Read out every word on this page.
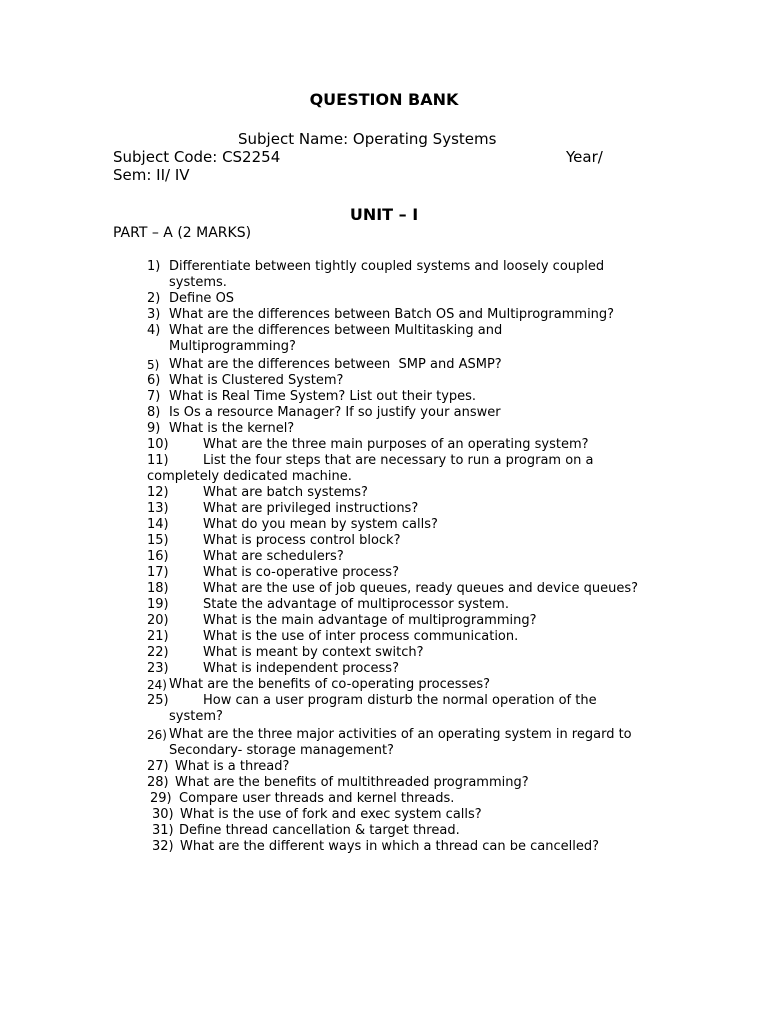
QUESTION BANK
Subject Name: Operating Systems
Subject Code: CS2254	Year/
Sem: II/ IV
UNIT – I
PART – A (2 MARKS)
1) Differentiate between tightly coupled systems and loosely coupled systems.
2) Define OS
3) What are the differences between Batch OS and Multiprogramming?
4) What are the differences between Multitasking and Multiprogramming?
5) What are the differences between  SMP and ASMP?
6) What is Clustered System?
7) What is Real Time System? List out their types.
8) Is Os a resource Manager? If so justify your answer
9) What is the kernel?
10)	What are the three main purposes of an operating system?
11)	List the four steps that are necessary to run a program on a completely dedicated machine.
12)	What are batch systems?
13)	What are privileged instructions?
14)	What do you mean by system calls?
15)	What is process control block?
16)	What are schedulers?
17)	What is co-operative process?
18)	What are the use of job queues, ready queues and device queues?
19)	State the advantage of multiprocessor system.
20)	What is the main advantage of multiprogramming?
21)	What is the use of inter process communication.
22)	What is meant by context switch?
23)	What is independent process?
24) What are the benefits of co-operating processes?
25)	How can a user program disturb the normal operation of the system?
26) What are the three major activities of an operating system in regard to Secondary- storage management?
27) What is a thread?
28) What are the benefits of multithreaded programming?
29) Compare user threads and kernel threads.
30) What is the use of fork and exec system calls?
31) Define thread cancellation & target thread.
32) What are the different ways in which a thread can be cancelled?
